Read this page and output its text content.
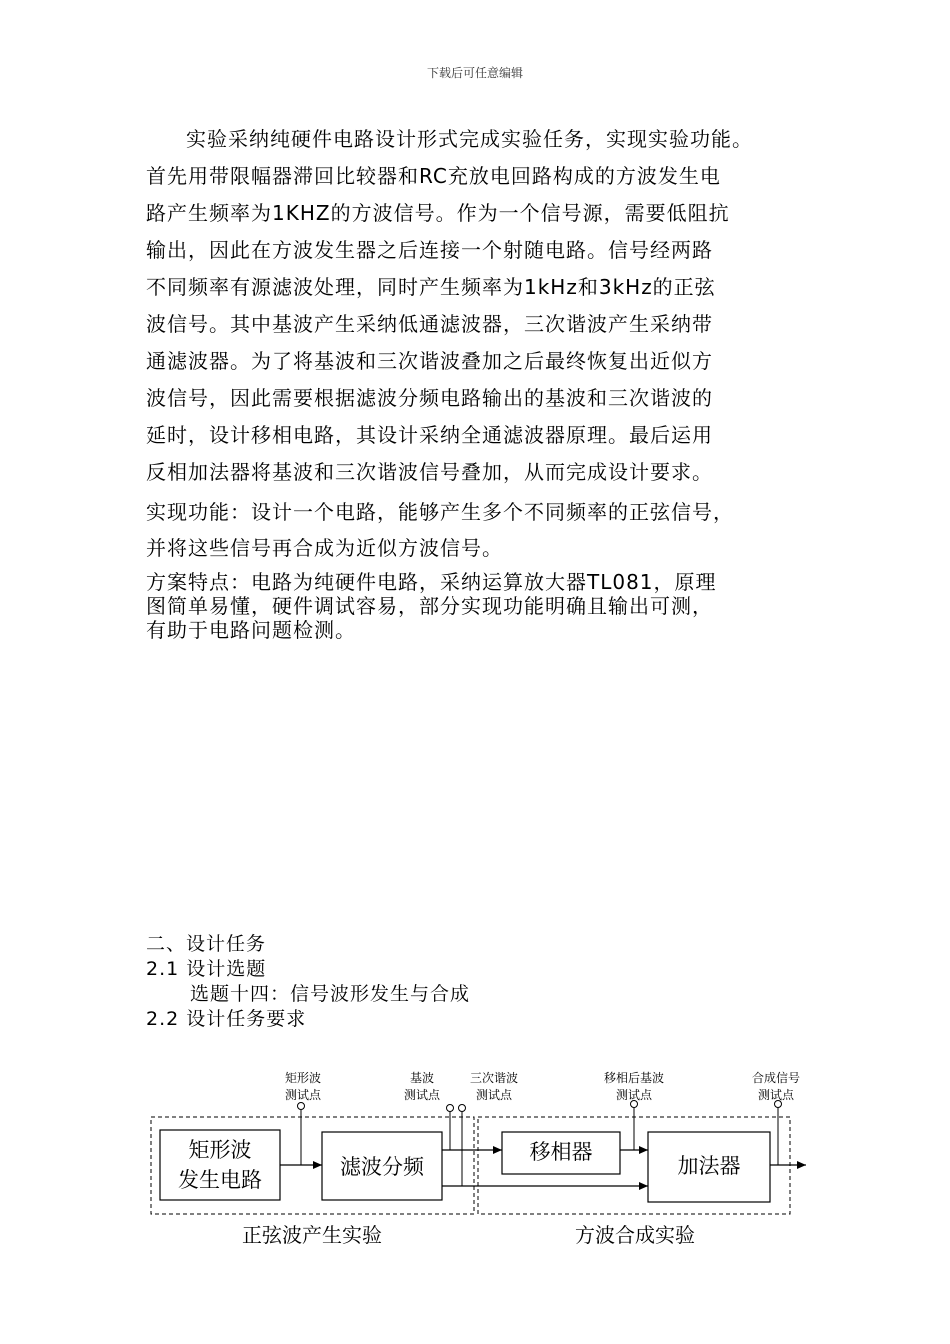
下载后可任意编辑
实验采纳纯硬件电路设计形式完成实验任务，实现实验功能。
首先用带限幅器滞回比较器和RC充放电回路构成的方波发生电
路产生频率为1KHZ的方波信号。作为一个信号源，需要低阻抗
输出，因此在方波发生器之后连接一个射随电路。信号经两路
不同频率有源滤波处理，同时产生频率为1kHz和3kHz的正弦
波信号。其中基波产生采纳低通滤波器，三次谐波产生采纳带
通滤波器。为了将基波和三次谐波叠加之后最终恢复出近似方
波信号，因此需要根据滤波分频电路输出的基波和三次谐波的
延时，设计移相电路，其设计采纳全通滤波器原理。最后运用
反相加法器将基波和三次谐波信号叠加，从而完成设计要求。
实现功能：设计一个电路，能够产生多个不同频率的正弦信号，
并将这些信号再合成为近似方波信号。
方案特点：电路为纯硬件电路，采纳运算放大器TL081，原理
图简单易懂，硬件调试容易，部分实现功能明确且输出可测，
有助于电路问题检测。
二、设计任务
2.1 设计选题
选题十四：信号波形发生与合成
2.2 设计任务要求
矩形波
发生电路
滤波分频
移相器
加法器
矩形波
测试点
基波
测试点
三次谐波
测试点
移相后基波
测试点
合成信号
测试点
正弦波产生实验	方波合成实验
